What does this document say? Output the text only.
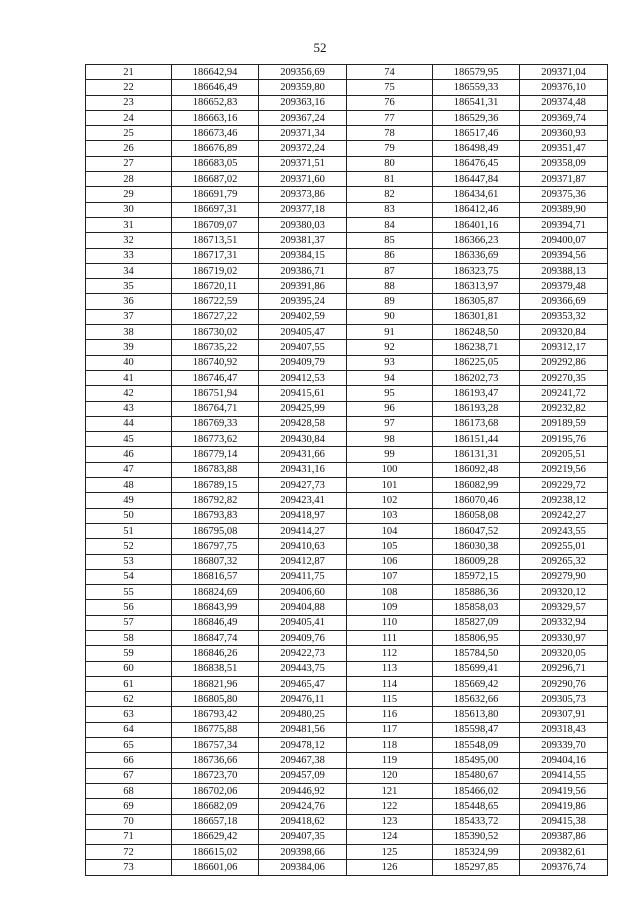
52
21	186642,94	209356,69	74	186579,95	209371,04
22	186646,49	209359,80	75	186559,33	209376,10
23	186652,83	209363,16	76	186541,31	209374,48
24	186663,16	209367,24	77	186529,36	209369,74
25	186673,46	209371,34	78	186517,46	209360,93
26	186676,89	209372,24	79	186498,49	209351,47
27	186683,05	209371,51	80	186476,45	209358,09
28	186687,02	209371,60	81	186447,84	209371,87
29	186691,79	209373,86	82	186434,61	209375,36
30	186697,31	209377,18	83	186412,46	209389,90
31	186709,07	209380,03	84	186401,16	209394,71
32	186713,51	209381,37	85	186366,23	209400,07
33	186717,31	209384,15	86	186336,69	209394,56
34	186719,02	209386,71	87	186323,75	209388,13
35	186720,11	209391,86	88	186313,97	209379,48
36	186722,59	209395,24	89	186305,87	209366,69
37	186727,22	209402,59	90	186301,81	209353,32
38	186730,02	209405,47	91	186248,50	209320,84
39	186735,22	209407,55	92	186238,71	209312,17
40	186740,92	209409,79	93	186225,05	209292,86
41	186746,47	209412,53	94	186202,73	209270,35
42	186751,94	209415,61	95	186193,47	209241,72
43	186764,71	209425,99	96	186193,28	209232,82
44	186769,33	209428,58	97	186173,68	209189,59
45	186773,62	209430,84	98	186151,44	209195,76
46	186779,14	209431,66	99	186131,31	209205,51
47	186783,88	209431,16	100	186092,48	209219,56
48	186789,15	209427,73	101	186082,99	209229,72
49	186792,82	209423,41	102	186070,46	209238,12
50	186793,83	209418,97	103	186058,08	209242,27
51	186795,08	209414,27	104	186047,52	209243,55
52	186797,75	209410,63	105	186030,38	209255,01
53	186807,32	209412,87	106	186009,28	209265,32
54	186816,57	209411,75	107	185972,15	209279,90
55	186824,69	209406,60	108	185886,36	209320,12
56	186843,99	209404,88	109	185858,03	209329,57
57	186846,49	209405,41	110	185827,09	209332,94
58	186847,74	209409,76	111	185806,95	209330,97
59	186846,26	209422,73	112	185784,50	209320,05
60	186838,51	209443,75	113	185699,41	209296,71
61	186821,96	209465,47	114	185669,42	209290,76
62	186805,80	209476,11	115	185632,66	209305,73
63	186793,42	209480,25	116	185613,80	209307,91
64	186775,88	209481,56	117	185598,47	209318,43
65	186757,34	209478,12	118	185548,09	209339,70
66	186736,66	209467,38	119	185495,00	209404,16
67	186723,70	209457,09	120	185480,67	209414,55
68	186702,06	209446,92	121	185466,02	209419,56
69	186682,09	209424,76	122	185448,65	209419,86
70	186657,18	209418,62	123	185433,72	209415,38
71	186629,42	209407,35	124	185390,52	209387,86
72	186615,02	209398,66	125	185324,99	209382,61
73	186601,06	209384,06	126	185297,85	209376,74
